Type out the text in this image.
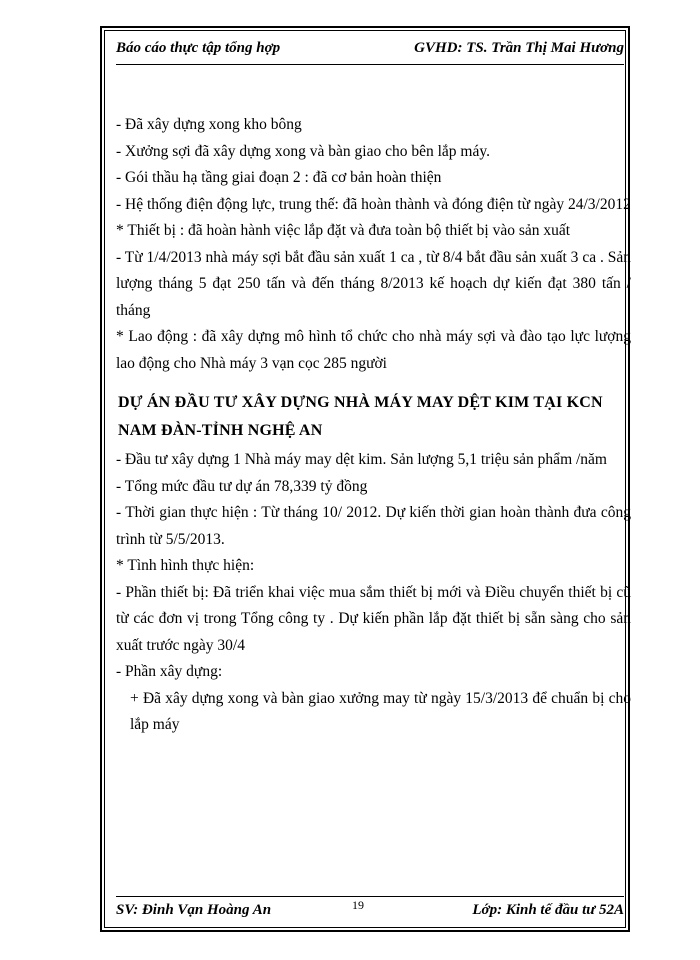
Báo cáo thực tập tổng hợp	GVHD: TS. Trần Thị Mai Hương

- Đã xây dựng xong kho bông

- Xưởng sợi đã xây dựng xong và bàn giao cho bên lắp máy.

- Gói thầu hạ tầng giai đoạn 2 : đã cơ bản hoàn thiện

- Hệ thống điện động lực, trung thế: đã hoàn thành và đóng điện từ ngày 24/3/2012

* Thiết bị : đã hoàn hành việc lắp đặt và đưa toàn bộ thiết bị vào sản xuất

- Từ 1/4/2013 nhà máy sợi bắt đầu sản xuất 1 ca , từ 8/4 bắt đầu sản xuất 3 ca . Sản lượng tháng 5 đạt 250 tấn và đến tháng 8/2013 kế hoạch dự kiến đạt 380 tấn / tháng

* Lao động : đã xây dựng mô hình tổ chức cho nhà máy sợi và đào tạo lực lượng lao động cho Nhà máy 3 vạn cọc 285 người

DỰ ÁN ĐẦU TƯ XÂY DỰNG NHÀ MÁY MAY DỆT KIM TẠI KCN NAM ĐÀN-TỈNH NGHỆ AN

- Đầu tư xây dựng 1 Nhà máy may dệt kim. Sản lượng 5,1 triệu sản phẩm /năm

- Tổng mức đầu tư dự án 78,339 tỷ đồng

- Thời gian thực hiện : Từ tháng 10/ 2012. Dự kiến thời gian hoàn thành đưa công trình từ 5/5/2013.

* Tình hình thực hiện:

- Phần thiết bị: Đã triển khai việc mua sắm thiết bị mới và Điều chuyển thiết bị cũ từ các đơn vị trong Tổng công ty . Dự kiến phần lắp đặt thiết bị sẵn sàng cho sản xuất trước ngày 30/4

- Phần xây dựng:

+ Đã xây dựng xong và bàn giao xưởng may từ ngày 15/3/2013 để chuẩn bị cho lắp máy

SV: Đinh Vạn Hoàng An	19	Lớp: Kinh tế đầu tư 52A
